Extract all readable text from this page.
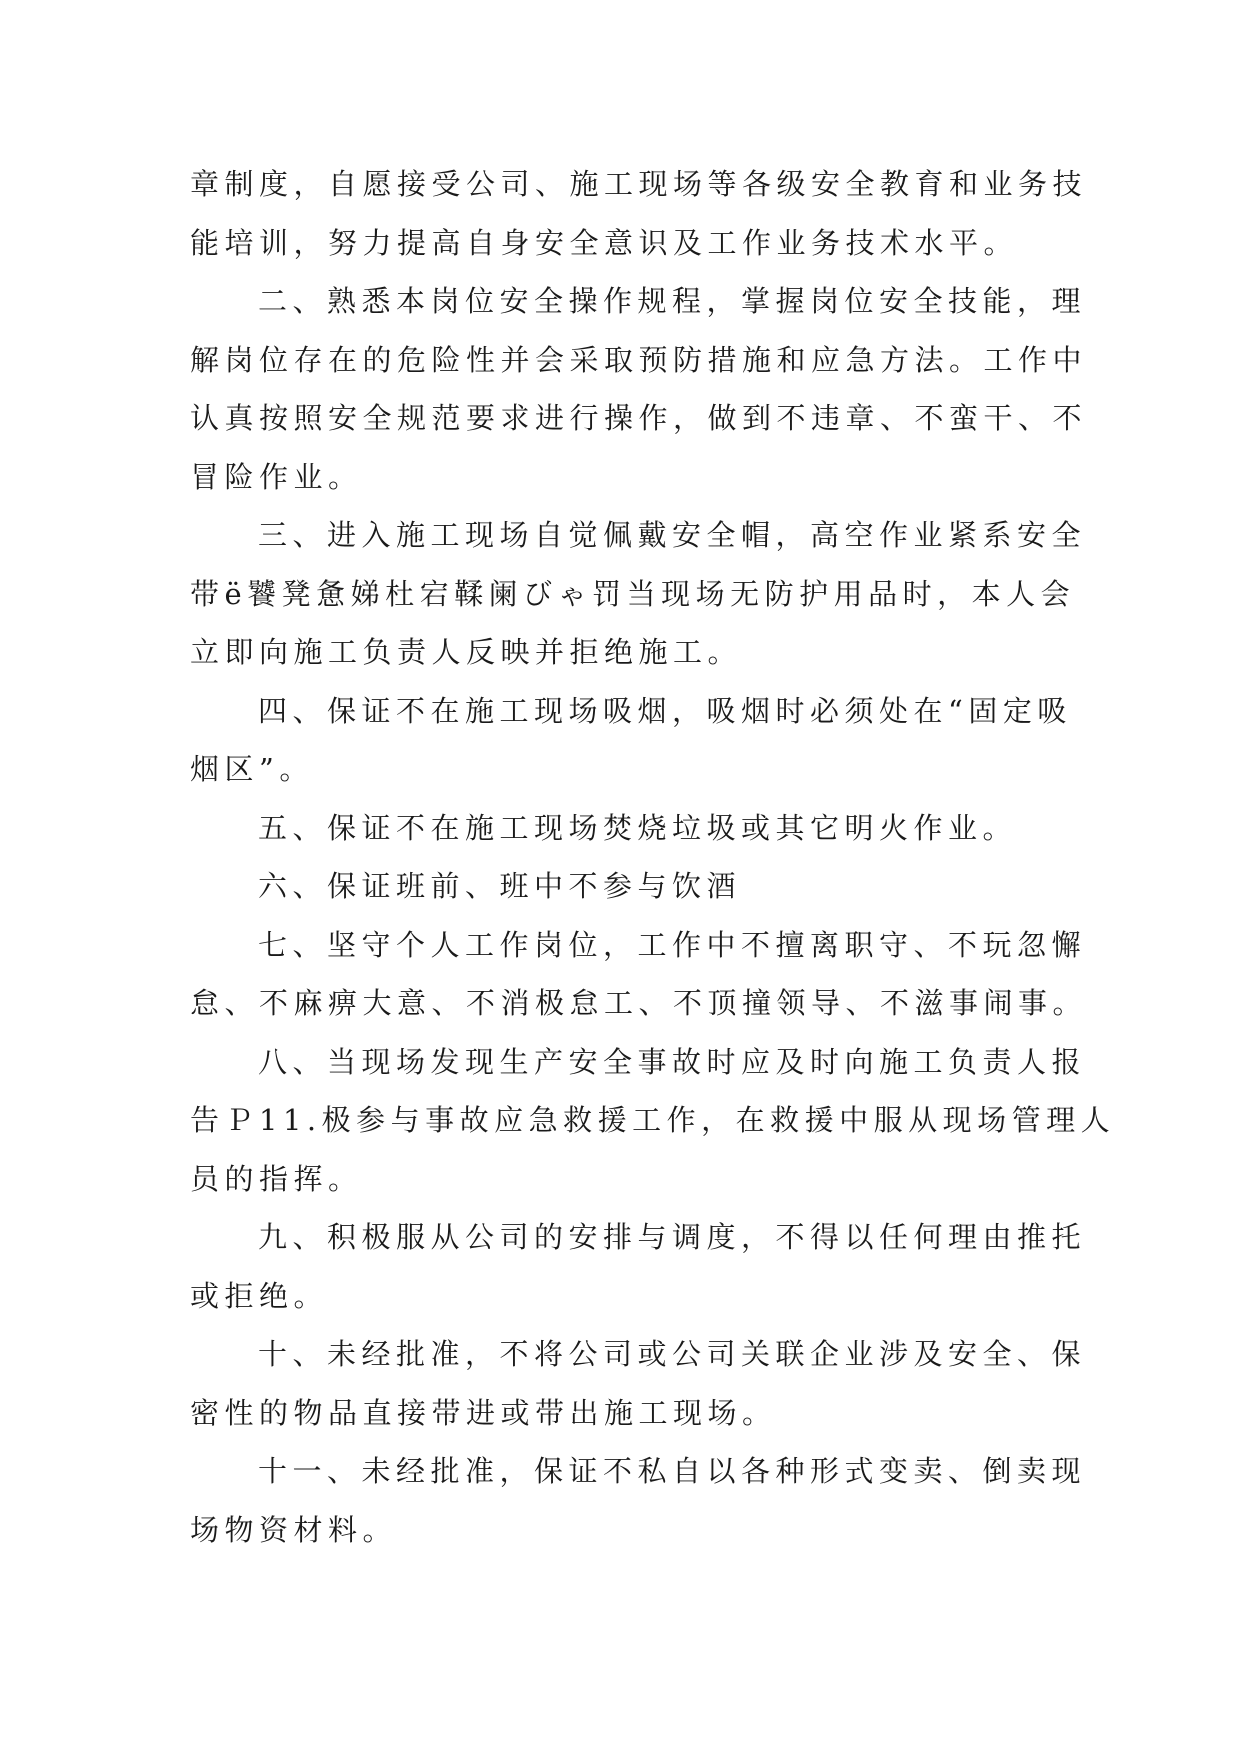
章制度，自愿接受公司、施工现场等各级安全教育和业务技
能培训，努力提高自身安全意识及工作业务技术水平。
二、熟悉本岗位安全操作规程，掌握岗位安全技能，理
解岗位存在的危险性并会采取预防措施和应急方法。工作中
认真按照安全规范要求进行操作，做到不违章、不蛮干、不
冒险作业。
三、进入施工现场自觉佩戴安全帽，高空作业紧系安全
带ë饕凳惫娣杜宕鞣阑びゃ罚当现场无防护用品时，本人会
立即向施工负责人反映并拒绝施工。
四、保证不在施工现场吸烟，吸烟时必须处在“固定吸
烟区”。
五、保证不在施工现场焚烧垃圾或其它明火作业。
六、保证班前、班中不参与饮酒
七、坚守个人工作岗位，工作中不擅离职守、不玩忽懈
怠、不麻痹大意、不消极怠工、不顶撞领导、不滋事闹事。
八、当现场发现生产安全事故时应及时向施工负责人报
告Ｐ11.极参与事故应急救援工作，在救援中服从现场管理人
员的指挥。
九、积极服从公司的安排与调度，不得以任何理由推托
或拒绝。
十、未经批准，不将公司或公司关联企业涉及安全、保
密性的物品直接带进或带出施工现场。
十一、未经批准，保证不私自以各种形式变卖、倒卖现
场物资材料。
